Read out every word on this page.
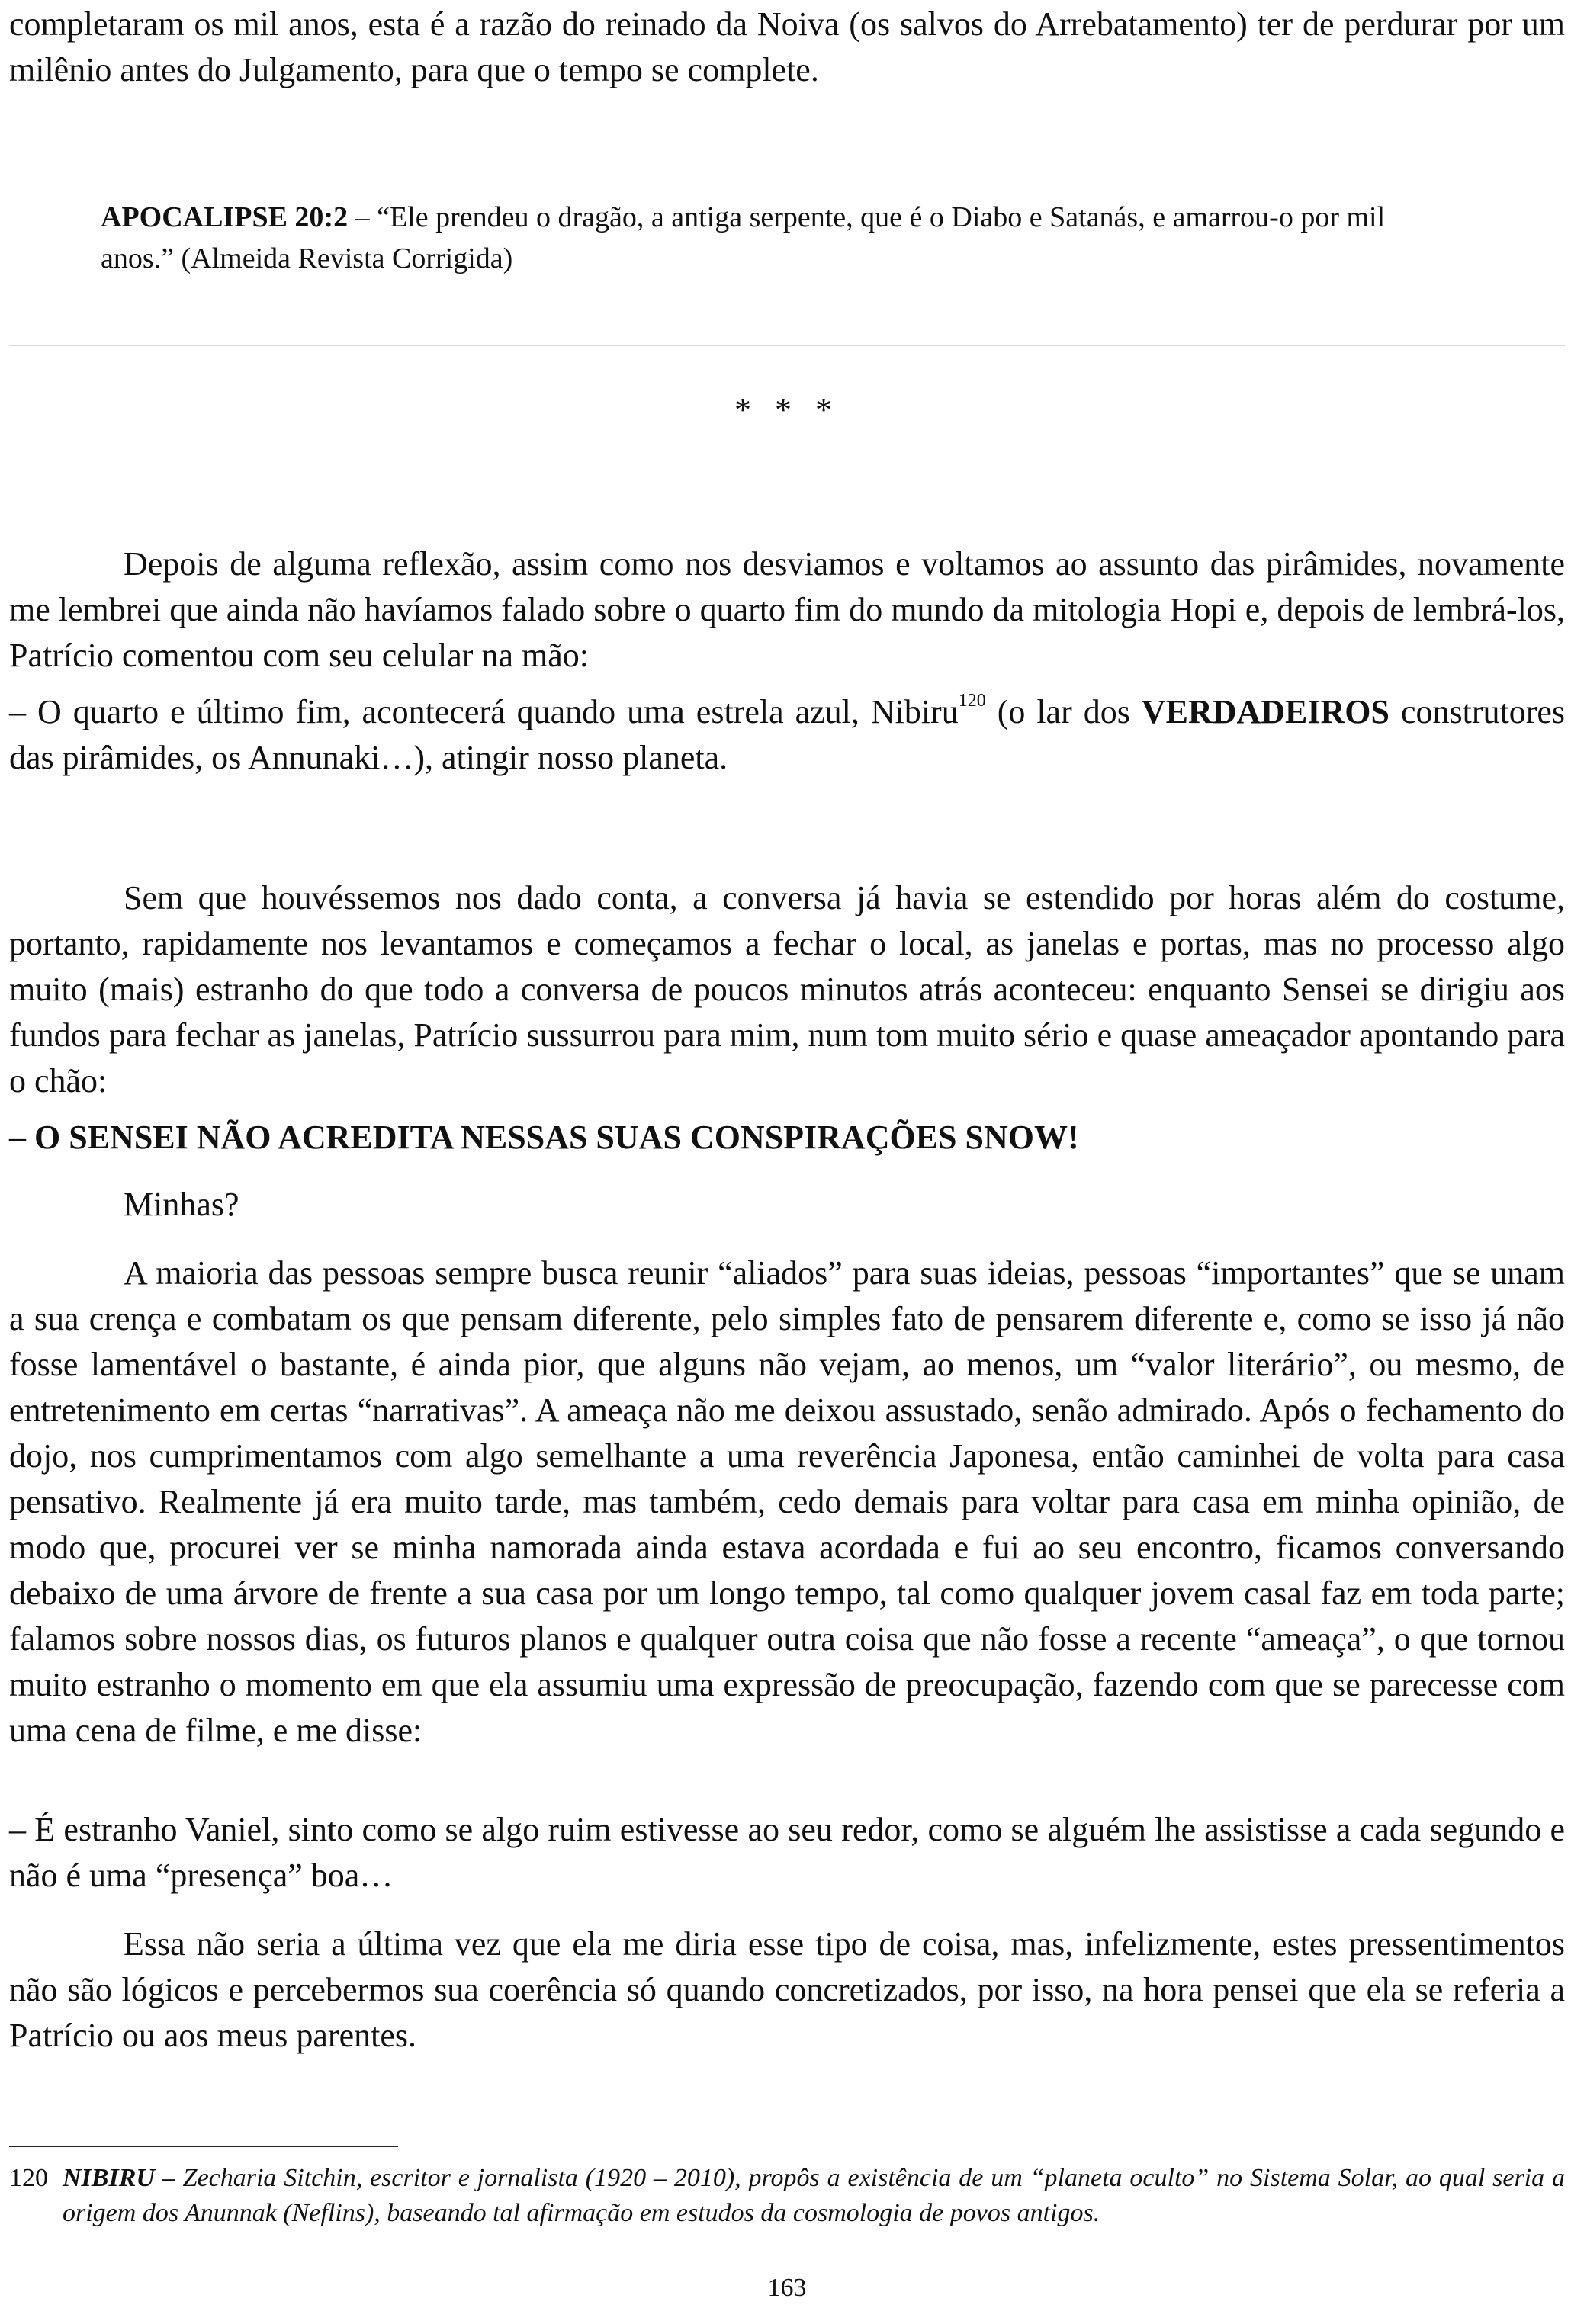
completaram os mil anos, esta é a razão do reinado da Noiva (os salvos do Arrebatamento) ter de perdurar por um milênio antes do Julgamento, para que o tempo se complete.

APOCALIPSE 20:2 – “Ele prendeu o dragão, a antiga serpente, que é o Diabo e Satanás, e amarrou-o por mil anos.” (Almeida Revista Corrigida)

* * *

Depois de alguma reflexão, assim como nos desviamos e voltamos ao assunto das pirâmides, novamente me lembrei que ainda não havíamos falado sobre o quarto fim do mundo da mitologia Hopi e, depois de lembrá-los, Patrício comentou com seu celular na mão:

– O quarto e último fim, acontecerá quando uma estrela azul, Nibiru$^{120}$ (o lar dos VERDADEIROS construtores das pirâmides, os Annunaki…), atingir nosso planeta.

Sem que houvéssemos nos dado conta, a conversa já havia se estendido por horas além do costume, portanto, rapidamente nos levantamos e começamos a fechar o local, as janelas e portas, mas no processo algo muito (mais) estranho do que todo a conversa de poucos minutos atrás aconteceu: enquanto Sensei se dirigiu aos fundos para fechar as janelas, Patrício sussurrou para mim, num tom muito sério e quase ameaçador apontando para o chão:

– O SENSEI NÃO ACREDITA NESSAS SUAS CONSPIRAÇÕES SNOW!

Minhas?

A maioria das pessoas sempre busca reunir “aliados” para suas ideias, pessoas “importantes” que se unam a sua crença e combatam os que pensam diferente, pelo simples fato de pensarem diferente e, como se isso já não fosse lamentável o bastante, é ainda pior, que alguns não vejam, ao menos, um “valor literário”, ou mesmo, de entretenimento em certas “narrativas”. A ameaça não me deixou assustado, senão admirado. Após o fechamento do dojo, nos cumprimentamos com algo semelhante a uma reverência Japonesa, então caminhei de volta para casa pensativo. Realmente já era muito tarde, mas também, cedo demais para voltar para casa em minha opinião, de modo que, procurei ver se minha namorada ainda estava acordada e fui ao seu encontro, ficamos conversando debaixo de uma árvore de frente a sua casa por um longo tempo, tal como qualquer jovem casal faz em toda parte; falamos sobre nossos dias, os futuros planos e qualquer outra coisa que não fosse a recente “ameaça”, o que tornou muito estranho o momento em que ela assumiu uma expressão de preocupação, fazendo com que se parecesse com uma cena de filme, e me disse:

– É estranho Vaniel, sinto como se algo ruim estivesse ao seu redor, como se alguém lhe assistisse a cada segundo e não é uma “presença” boa…

Essa não seria a última vez que ela me diria esse tipo de coisa, mas, infelizmente, estes pressentimentos não são lógicos e percebermos sua coerência só quando concretizados, por isso, na hora pensei que ela se referia a Patrício ou aos meus parentes.

120 NIBIRU – Zecharia Sitchin, escritor e jornalista (1920 – 2010), propôs a existência de um “planeta oculto” no Sistema Solar, ao qual seria a origem dos Anunnak (Neflins), baseando tal afirmação em estudos da cosmologia de povos antigos.

163
